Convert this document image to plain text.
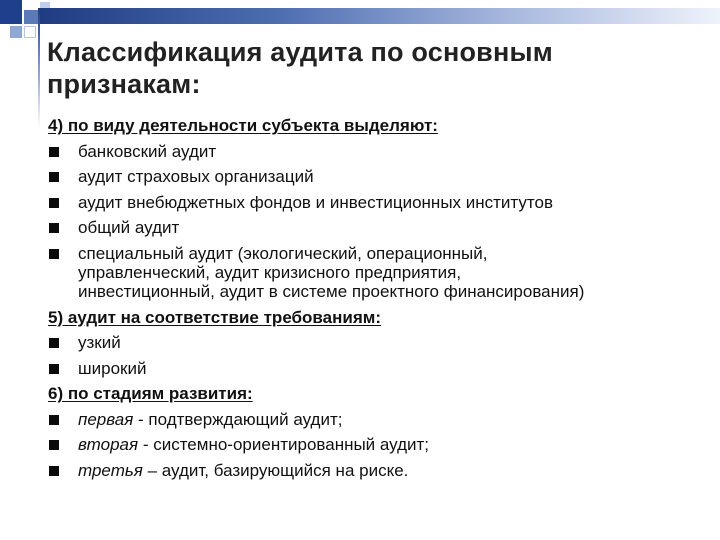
Классификация аудита по основным признакам:
4) по виду деятельности субъекта выделяют:
банковский аудит
аудит страховых организаций
аудит внебюджетных фондов и инвестиционных институтов
общий аудит
специальный аудит (экологический, операционный,
управленческий, аудит кризисного предприятия,
инвестиционный, аудит в системе проектного финансирования)
5) аудит на соответствие требованиям:
узкий
широкий
6) по стадиям развития:
первая - подтверждающий аудит;
вторая - системно-ориентированный аудит;
третья – аудит, базирующийся на риске.
